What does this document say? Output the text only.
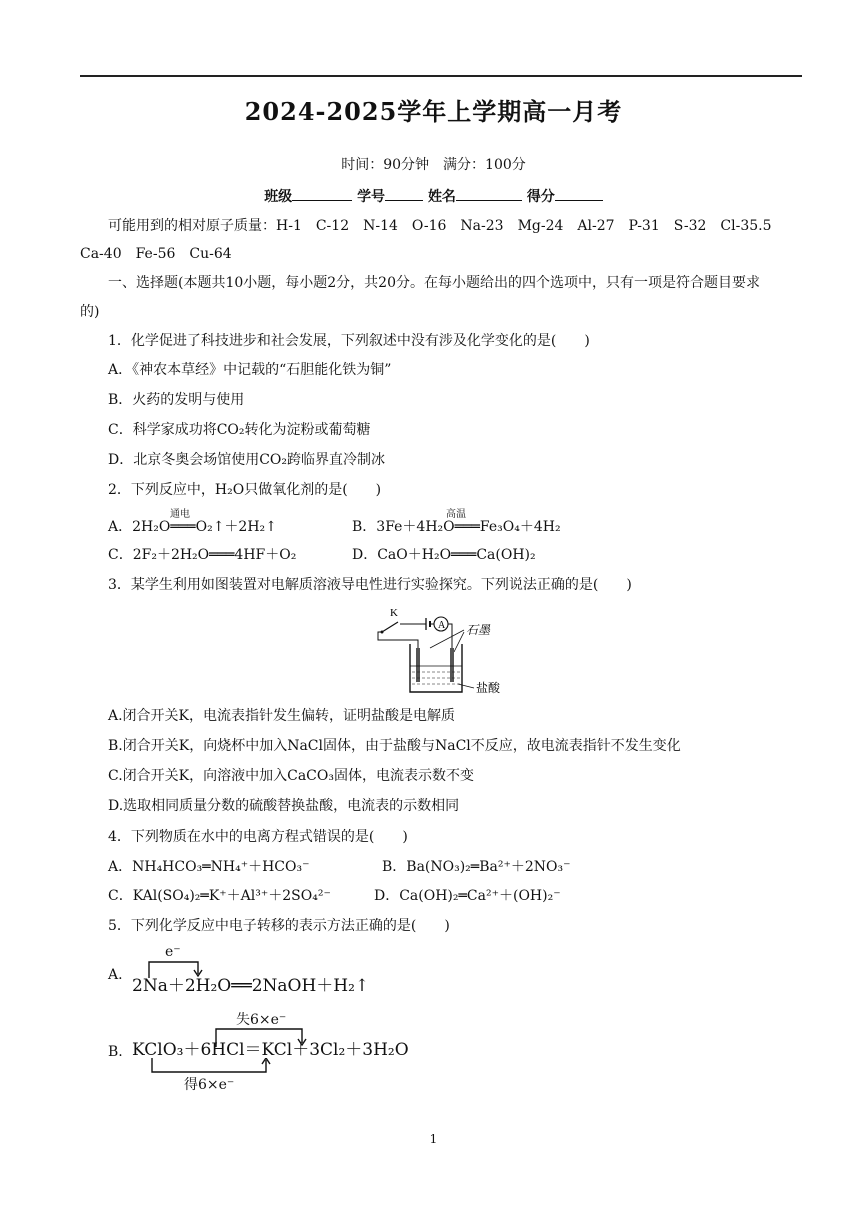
2024-2025学年上学期高一月考
时间：90分钟　满分：100分
班级	学号	姓名	得分
可能用到的相对原子质量：H-1　C-12　N-14　O-16　Na-23　Mg-24　Al-27　P-31　S-32　Cl-35.5
Ca-40　Fe-56　Cu-64
一、选择题(本题共10小题，每小题2分，共20分。在每小题给出的四个选项中，只有一项是符合题目要求
的)
1．化学促进了科技进步和社会发展，下列叙述中没有涉及化学变化的是(　　)
A．《神农本草经》中记载的“石胆能化铁为铜”
B．火药的发明与使用
C．科学家成功将CO₂转化为淀粉或葡萄糖
D．北京冬奥会场馆使用CO₂跨临界直冷制冰
2．下列反应中，H₂O只做氧化剂的是(　　)
通电
A．2H₂O═══O₂↑＋2H₂↑
高温
B．3Fe＋4H₂O═══Fe₃O₄＋4H₂
C．2F₂＋2H₂O═══4HF＋O₂	D．CaO＋H₂O═══Ca(OH)₂
3．某学生利用如图装置对电解质溶液导电性进行实验探究。下列说法正确的是(　　)
K
A 石墨
盐酸
A.闭合开关K，电流表指针发生偏转，证明盐酸是电解质
B.闭合开关K，向烧杯中加入NaCl固体，由于盐酸与NaCl不反应，故电流表指针不发生变化
C.闭合开关K，向溶液中加入CaCO₃固体，电流表示数不变
D.选取相同质量分数的硫酸替换盐酸，电流表的示数相同
4．下列物质在水中的电离方程式错误的是(　　)
A．NH₄HCO₃═NH₄⁺＋HCO₃⁻	B．Ba(NO₃)₂═Ba²⁺＋2NO₃⁻
C．KAl(SO₄)₂═K⁺＋Al³⁺＋2SO₄²⁻	D．Ca(OH)₂═Ca²⁺＋(OH)₂⁻
5．下列化学反应中电子转移的表示方法正确的是(　　)
e⁻
A.
2Na＋2H₂O══2NaOH＋H₂↑
失6×e⁻
B. KClO₃＋6HCl＝KCl＋3Cl₂＋3H₂O
得6×e⁻
1
